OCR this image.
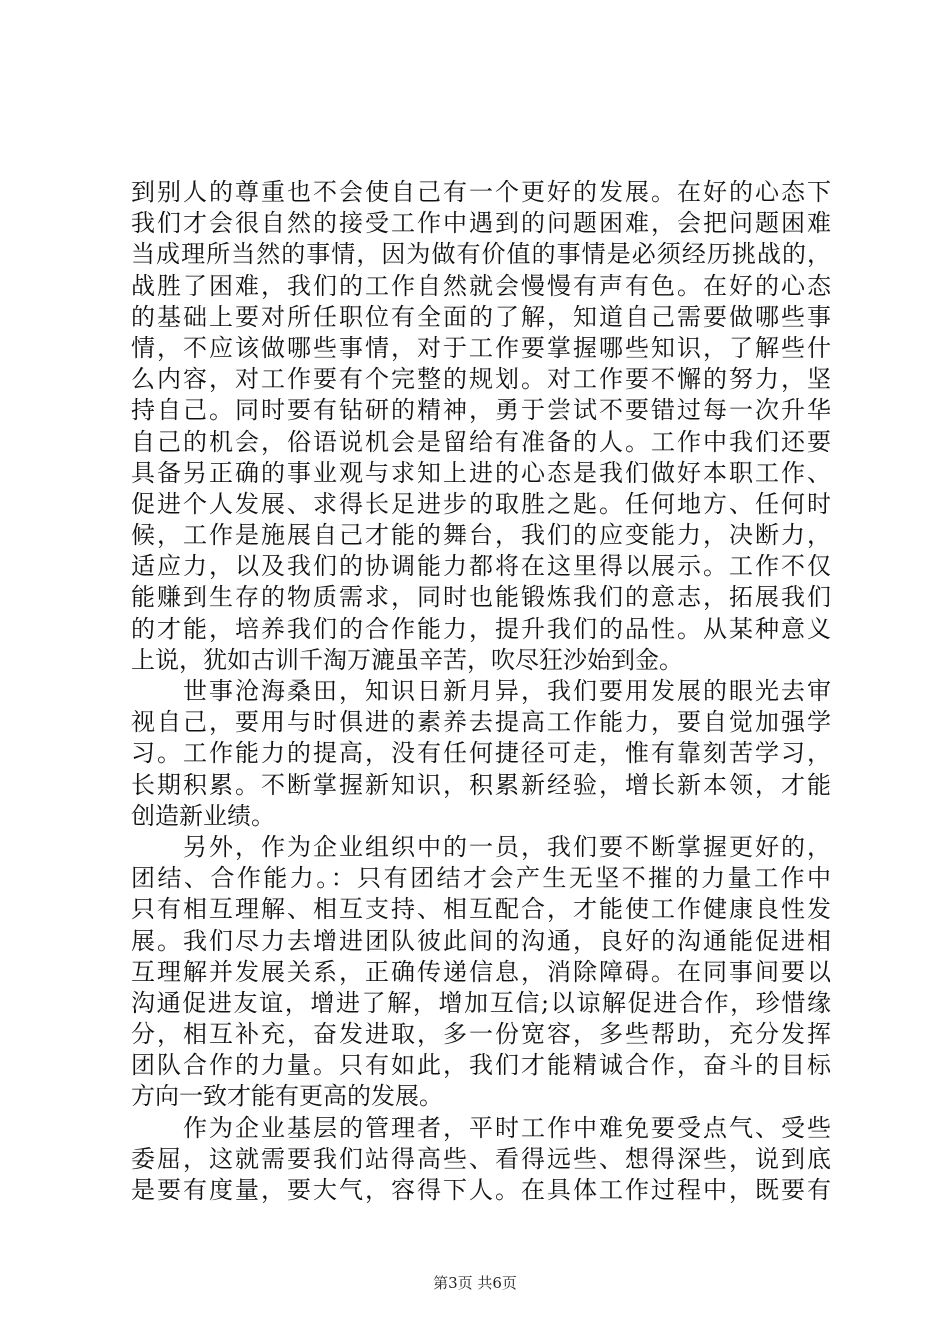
到别人的尊重也不会使自己有一个更好的发展。在好的心态下
我们才会很自然的接受工作中遇到的问题困难，会把问题困难
当成理所当然的事情，因为做有价值的事情是必须经历挑战的，
战胜了困难，我们的工作自然就会慢慢有声有色。在好的心态
的基础上要对所任职位有全面的了解，知道自己需要做哪些事
情，不应该做哪些事情，对于工作要掌握哪些知识，了解些什
么内容，对工作要有个完整的规划。对工作要不懈的努力，坚
持自己。同时要有钻研的精神，勇于尝试不要错过每一次升华
自己的机会，俗语说机会是留给有准备的人。工作中我们还要
具备另正确的事业观与求知上进的心态是我们做好本职工作、
促进个人发展、求得长足进步的取胜之匙。任何地方、任何时
候，工作是施展自己才能的舞台，我们的应变能力，决断力，
适应力，以及我们的协调能力都将在这里得以展示。工作不仅
能赚到生存的物质需求，同时也能锻炼我们的意志，拓展我们
的才能，培养我们的合作能力，提升我们的品性。从某种意义
上说，犹如古训千淘万漉虽辛苦，吹尽狂沙始到金。
　　世事沧海桑田，知识日新月异，我们要用发展的眼光去审
视自己，要用与时俱进的素养去提高工作能力，要自觉加强学
习。工作能力的提高，没有任何捷径可走，惟有靠刻苦学习，
长期积累。不断掌握新知识，积累新经验，增长新本领，才能
创造新业绩。
　　另外，作为企业组织中的一员，我们要不断掌握更好的，
团结、合作能力。：只有团结才会产生无坚不摧的力量工作中
只有相互理解、相互支持、相互配合，才能使工作健康良性发
展。我们尽力去增进团队彼此间的沟通，良好的沟通能促进相
互理解并发展关系，正确传递信息，消除障碍。在同事间要以
沟通促进友谊，增进了解，增加互信;以谅解促进合作，珍惜缘
分，相互补充，奋发进取，多一份宽容，多些帮助，充分发挥
团队合作的力量。只有如此，我们才能精诚合作，奋斗的目标
方向一致才能有更高的发展。
　　作为企业基层的管理者，平时工作中难免要受点气、受些
委屈，这就需要我们站得高些、看得远些、想得深些，说到底
是要有度量，要大气，容得下人。在具体工作过程中，既要有
第3页 共6页
